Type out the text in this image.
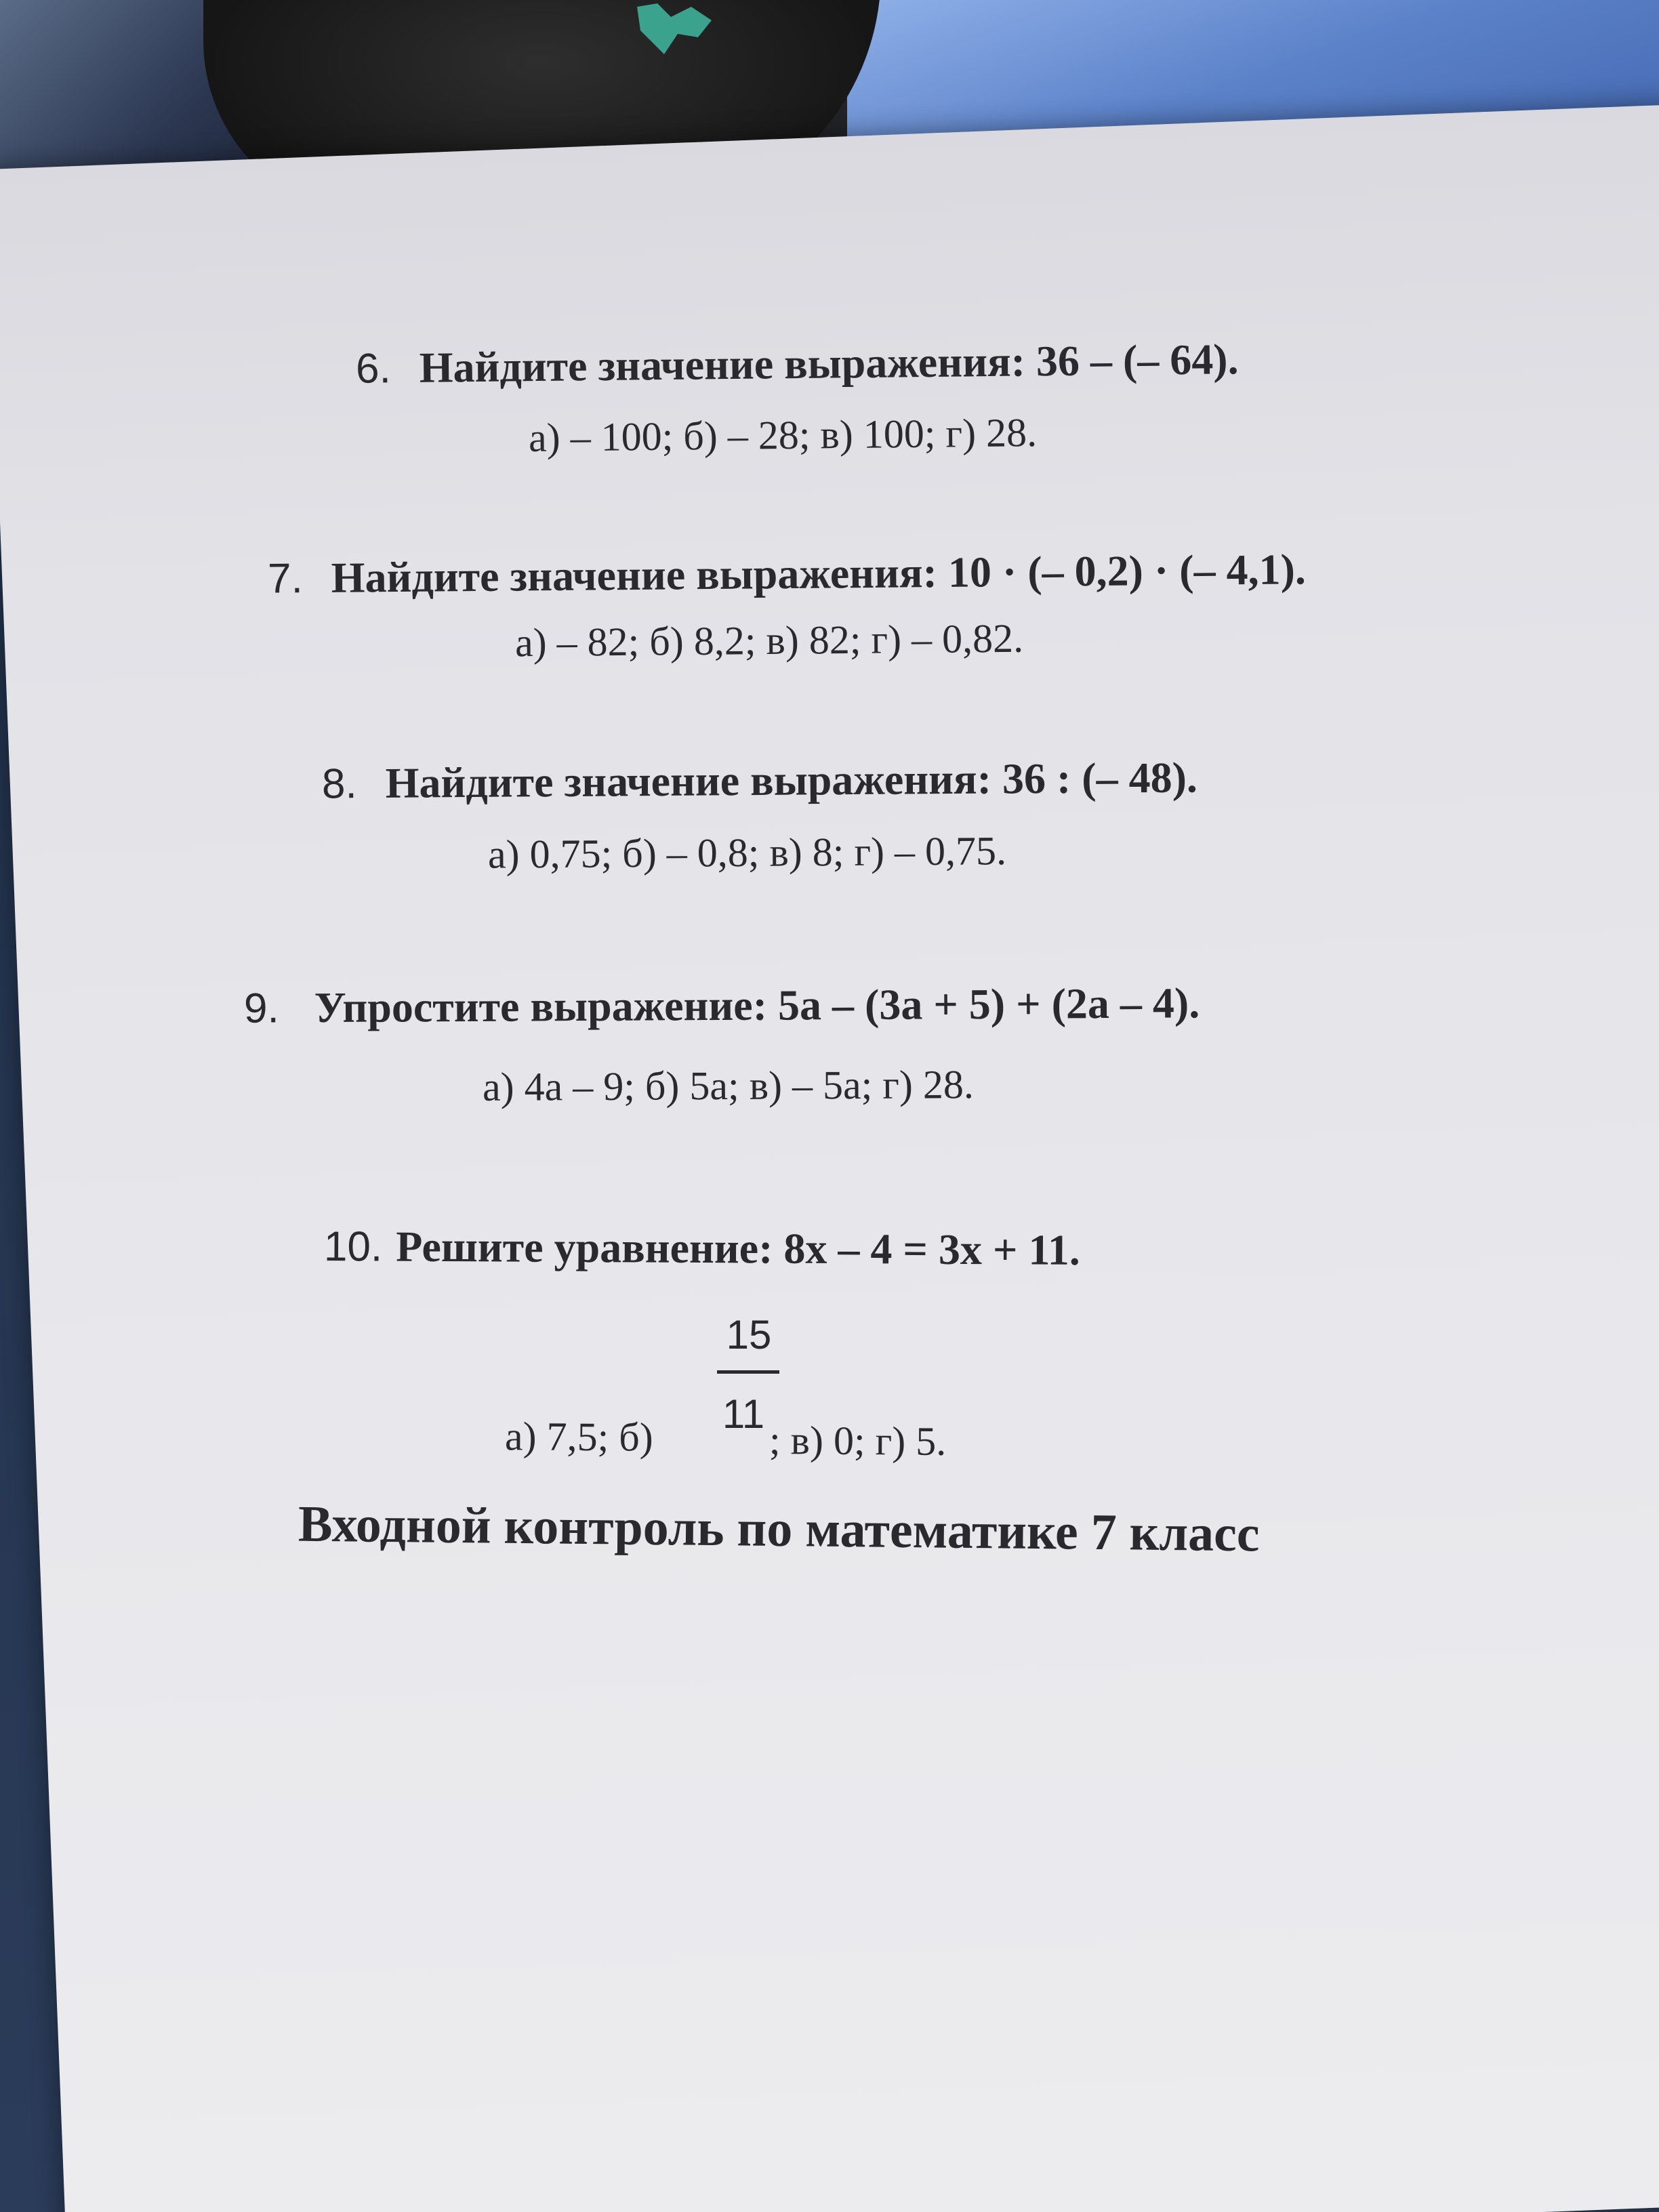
6. Найдите значение выражения: 36 – (– 64).
а) – 100; б) – 28; в) 100; г) 28.
7. Найдите значение выражения: 10 · (– 0,2) · (– 4,1).
а) – 82; б) 8,2; в) 82; г) – 0,82.
8. Найдите значение выражения: 36 : (– 48).
а) 0,75; б) – 0,8; в) 8; г) – 0,75.
9. Упростите выражение: 5а – (3а + 5) + (2а – 4).
а) 4а – 9; б) 5а; в) – 5а; г) 28.
10. Решите уравнение: 8х – 4 = 3х + 11.
15
11
а) 7,5; б)	; в) 0; г) 5.
Входной контроль по математике 7 класс
